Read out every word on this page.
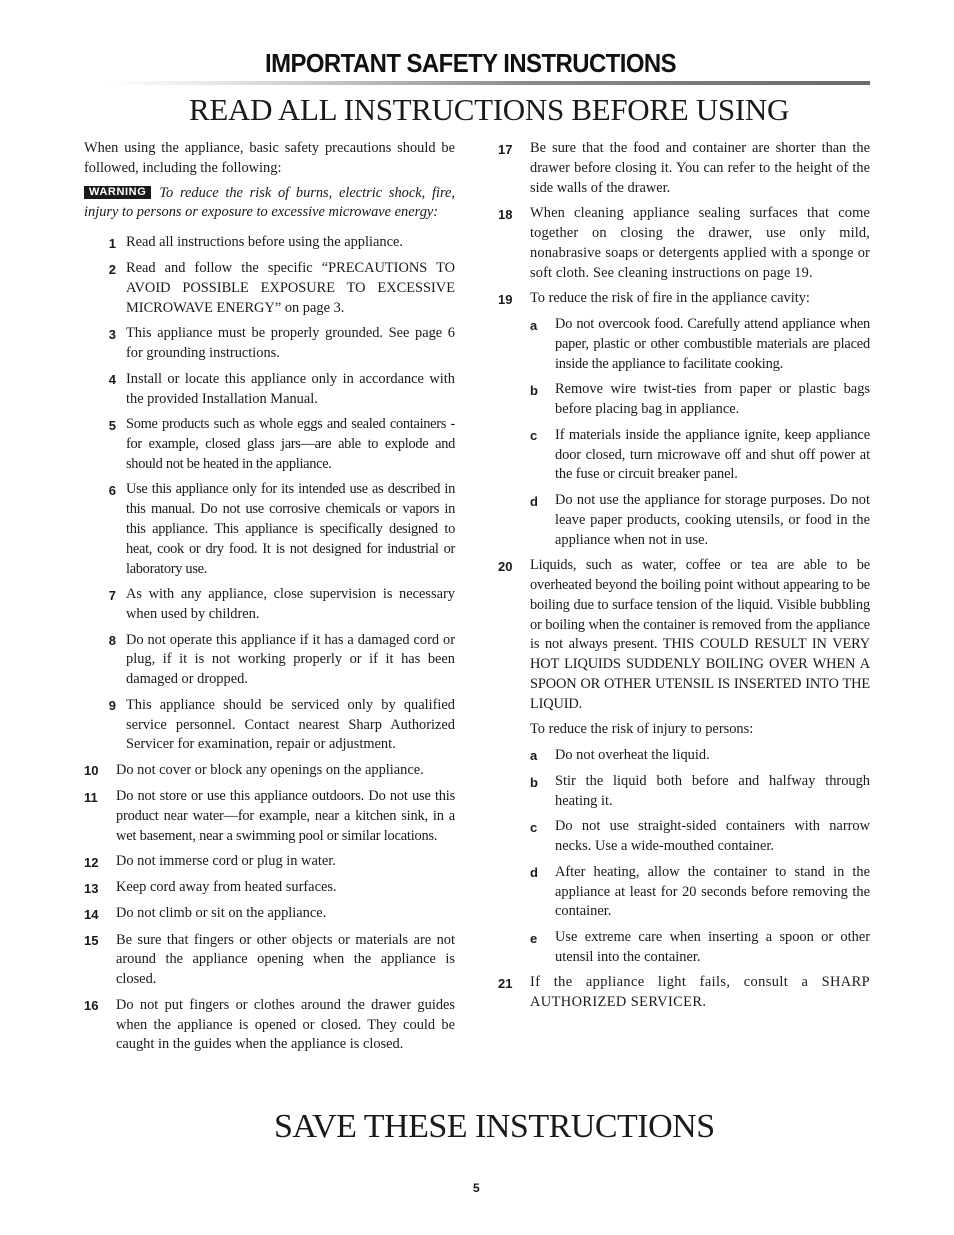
IMPORTANT SAFETY INSTRUCTIONS
READ ALL INSTRUCTIONS BEFORE USING

When using the appliance, basic safety precautions should be followed, including the following:

WARNING To reduce the risk of burns, electric shock, fire, injury to persons or exposure to excessive microwave energy:

1 Read all instructions before using the appliance.
2 Read and follow the specific “PRECAUTIONS TO AVOID POSSIBLE EXPOSURE TO EXCESSIVE MICROWAVE ENERGY” on page 3.
3 This appliance must be properly grounded. See page 6 for grounding instructions.
4 Install or locate this appliance only in accordance with the provided Installation Manual.
5 Some products such as whole eggs and sealed containers - for example, closed glass jars—are able to explode and should not be heated in the appliance.
6 Use this appliance only for its intended use as described in this manual. Do not use corrosive chemicals or vapors in this appliance. This appliance is specifically designed to heat, cook or dry food. It is not designed for industrial or laboratory use.
7 As with any appliance, close supervision is necessary when used by children.
8 Do not operate this appliance if it has a damaged cord or plug, if it is not working properly or if it has been damaged or dropped.
9 This appliance should be serviced only by qualified service personnel. Contact nearest Sharp Authorized Servicer for examination, repair or adjustment.
10	Do not cover or block any openings on the appliance.
11	Do not store or use this appliance outdoors. Do not use this product near water—for example, near a kitchen sink, in a wet basement, near a swimming pool or similar locations.
12	Do not immerse cord or plug in water.
13	Keep cord away from heated surfaces.
14	Do not climb or sit on the appliance.
15	Be sure that fingers or other objects or materials are not around the appliance opening when the appliance is closed.
16	Do not put fingers or clothes around the drawer guides when the appliance is opened or closed. They could be caught in the guides when the appliance is closed.
17	Be sure that the food and container are shorter than the drawer before closing it. You can refer to the height of the side walls of the drawer.
18	When cleaning appliance sealing surfaces that come together on closing the drawer, use only mild, nonabrasive soaps or detergents applied with a sponge or soft cloth. See cleaning instructions on page 19.
19	To reduce the risk of fire in the appliance cavity:
a	Do not overcook food. Carefully attend appliance when paper, plastic or other combustible materials are placed inside the appliance to facilitate cooking.
b	Remove wire twist-ties from paper or plastic bags before placing bag in appliance.
c	If materials inside the appliance ignite, keep appliance door closed, turn microwave off and shut off power at the fuse or circuit breaker panel.
d	Do not use the appliance for storage purposes. Do not leave paper products, cooking utensils, or food in the appliance when not in use.
20	Liquids, such as water, coffee or tea are able to be overheated beyond the boiling point without appearing to be boiling due to surface tension of the liquid. Visible bubbling or boiling when the container is removed from the appliance is not always present. THIS COULD RESULT IN VERY HOT LIQUIDS SUDDENLY BOILING OVER WHEN A SPOON OR OTHER UTENSIL IS INSERTED INTO THE LIQUID.

To reduce the risk of injury to persons:

a	Do not overheat the liquid.
b	Stir the liquid both before and halfway through heating it.
c	Do not use straight-sided containers with narrow necks. Use a wide-mouthed container.
d	After heating, allow the container to stand in the appliance at least for 20 seconds before removing the container.
e	Use extreme care when inserting a spoon or other utensil into the container.
21	If the appliance light fails, consult a SHARP AUTHORIZED SERVICER.
SAVE THESE INSTRUCTIONS
5
